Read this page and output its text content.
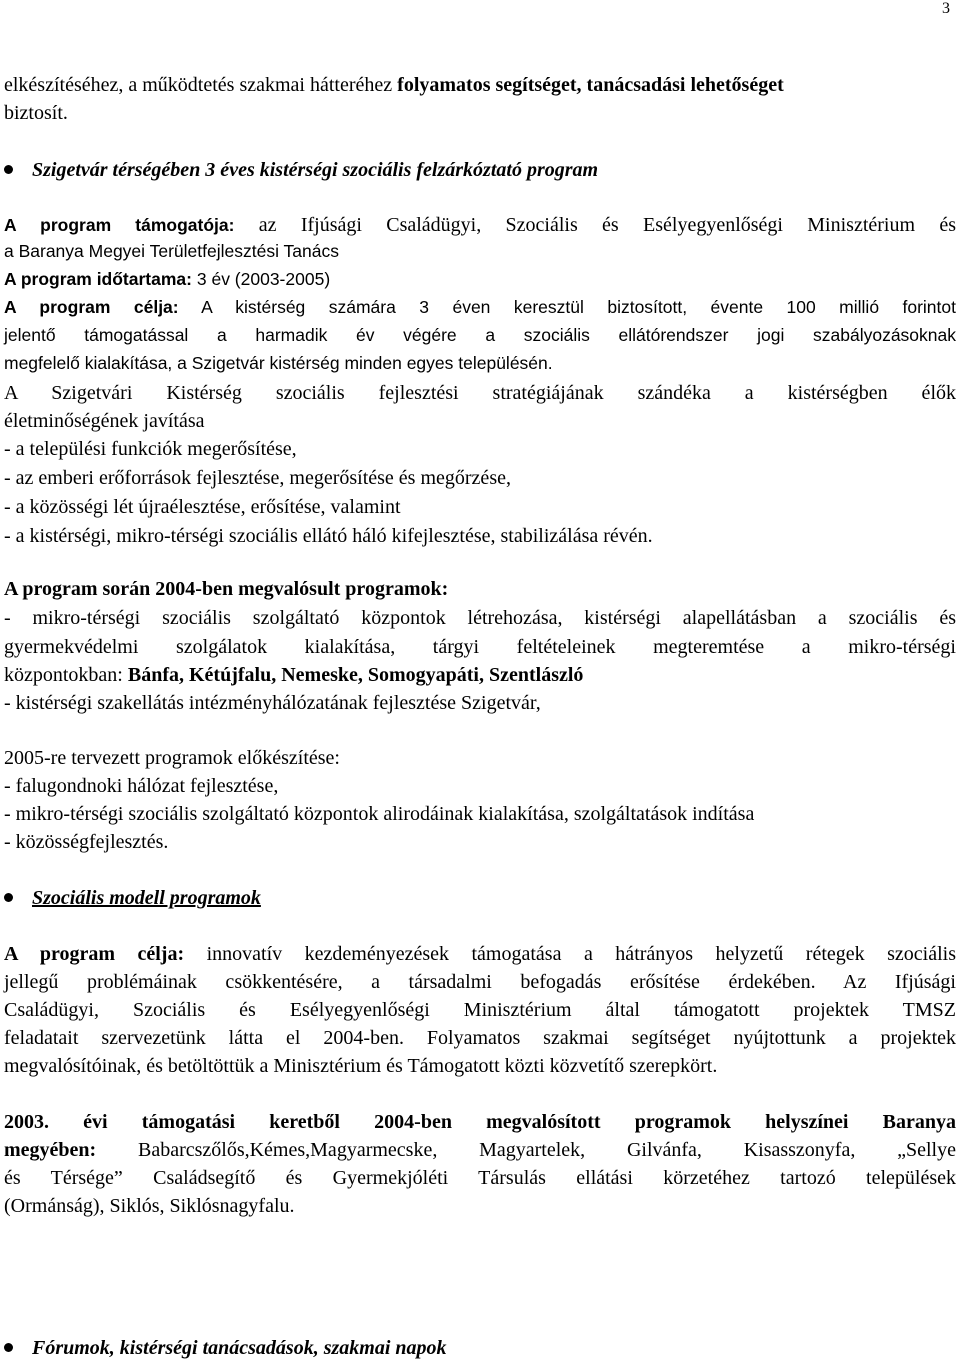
3
elkészítéséhez, a működtetés szakmai hátteréhez folyamatos segítséget, tanácsadási lehetőséget
biztosít.
Szigetvár térségében 3 éves kistérségi szociális felzárkóztató program
A program támogatója: az Ifjúsági Családügyi, Szociális és Esélyegyenlőségi Minisztérium és
a Baranya Megyei Területfejlesztési Tanács
A program időtartama: 3 év (2003-2005)
A program célja: A kistérség számára 3 éven keresztül biztosított, évente 100 millió forintot
jelentő támogatással a harmadik év végére a szociális ellátórendszer jogi szabályozásoknak
megfelelő kialakítása, a Szigetvár kistérség minden egyes településén.
A Szigetvári Kistérség szociális fejlesztési stratégiájának szándéka a kistérségben élők
életminőségének javítása
- a települési funkciók megerősítése,
- az emberi erőforrások fejlesztése, megerősítése és megőrzése,
- a közösségi lét újraélesztése, erősítése, valamint
- a kistérségi, mikro-térségi szociális ellátó háló kifejlesztése, stabilizálása révén.
A program során 2004-ben megvalósult programok:
- mikro-térségi szociális szolgáltató központok létrehozása, kistérségi alapellátásban a szociális és
gyermekvédelmi szolgálatok kialakítása, tárgyi feltételeinek megteremtése a mikro-térségi
központokban: Bánfa, Kétújfalu, Nemeske, Somogyapáti, Szentlászló
- kistérségi szakellátás intézményhálózatának fejlesztése Szigetvár,
2005-re tervezett programok előkészítése:
- falugondnoki hálózat fejlesztése,
- mikro-térségi szociális szolgáltató központok alirodáinak kialakítása, szolgáltatások indítása
- közösségfejlesztés.
Szociális modell programok
A program célja: innovatív kezdeményezések támogatása a hátrányos helyzetű rétegek szociális
jellegű problémáinak csökkentésére, a társadalmi befogadás erősítése érdekében. Az Ifjúsági
Családügyi, Szociális és Esélyegyenlőségi Minisztérium által támogatott projektek TMSZ
feladatait szervezetünk látta el 2004-ben. Folyamatos szakmai segítséget nyújtottunk a projektek
megvalósítóinak, és betöltöttük a Minisztérium és Támogatott közti közvetítő szerepkört.
2003. évi támogatási keretből 2004-ben megvalósított programok helyszínei Baranya
megyében: Babarcszőlős,Kémes,Magyarmecske, Magyartelek, Gilvánfa, Kisasszonyfa, „Sellye
és Térsége” Családsegítő és Gyermekjóléti Társulás ellátási körzetéhez tartozó települések
(Ormánság), Siklós, Siklósnagyfalu.
Fórumok, kistérségi tanácsadások, szakmai napok
